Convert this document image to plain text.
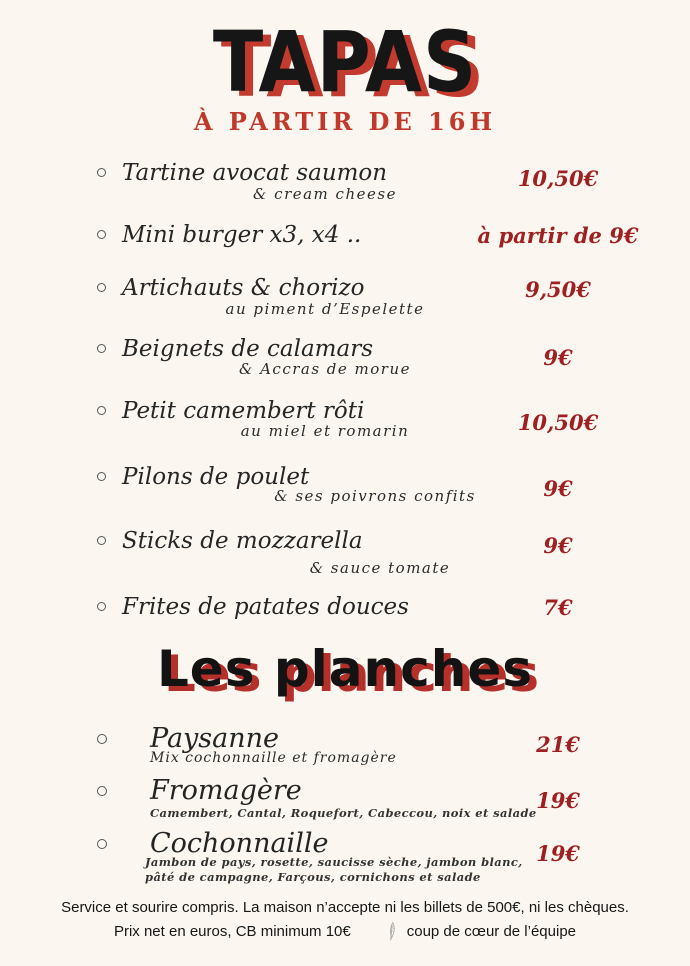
TAPAS
À PARTIR DE 16H
Tartine avocat saumon
& cream cheese
10,50€
Mini burger x3, x4 ..	à partir de 9€
Artichauts & chorizo
au piment d’Espelette
9,50€
Beignets de calamars
& Accras de morue	9€
Petit camembert rôti
au miel et romarin	10,50€
Pilons de poulet
& ses poivrons confits	9€
Sticks de mozzarella
& sauce tomate
9€
Frites de patates douces	7€
Les planches
Paysanne
Mix cochonnaille et fromagère
21€
Fromagère
Camembert, Cantal, Roquefort, Cabeccou, noix et salade 19€
Cochonnaille
Jambon de pays, rosette, saucisse sèche, jambon blanc,
pâté de campagne, Farçous, cornichons et salade
19€
Service et sourire compris. La maison n’accepte ni les billets de 500€, ni les chèques.
Prix net en euros, CB minimum 10€	coup de cœur de l’équipe
